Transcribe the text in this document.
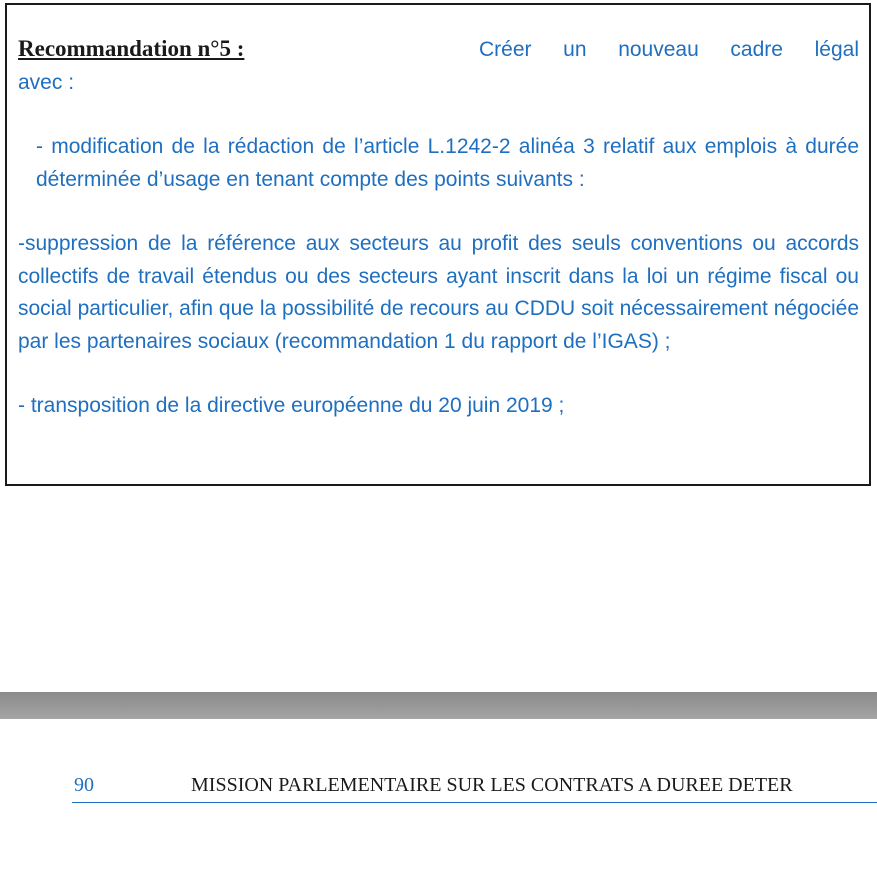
Recommandation n°5 :	Créer un nouveau cadre légal

avec :

- modification de la rédaction de l’article L.1242-2 alinéa 3 relatif aux emplois à durée déterminée d’usage en tenant compte des points suivants :

-suppression de la référence aux secteurs au profit des seuls conventions ou accords collectifs de travail étendus ou des secteurs ayant inscrit dans la loi un régime fiscal ou social particulier, afin que la possibilité de recours au CDDU soit nécessairement négociée par les partenaires sociaux (recommandation 1 du rapport de l’IGAS) ;

- transposition de la directive européenne du 20 juin 2019 ;

90	MISSION PARLEMENTAIRE SUR LES CONTRATS A DUREE DETER
